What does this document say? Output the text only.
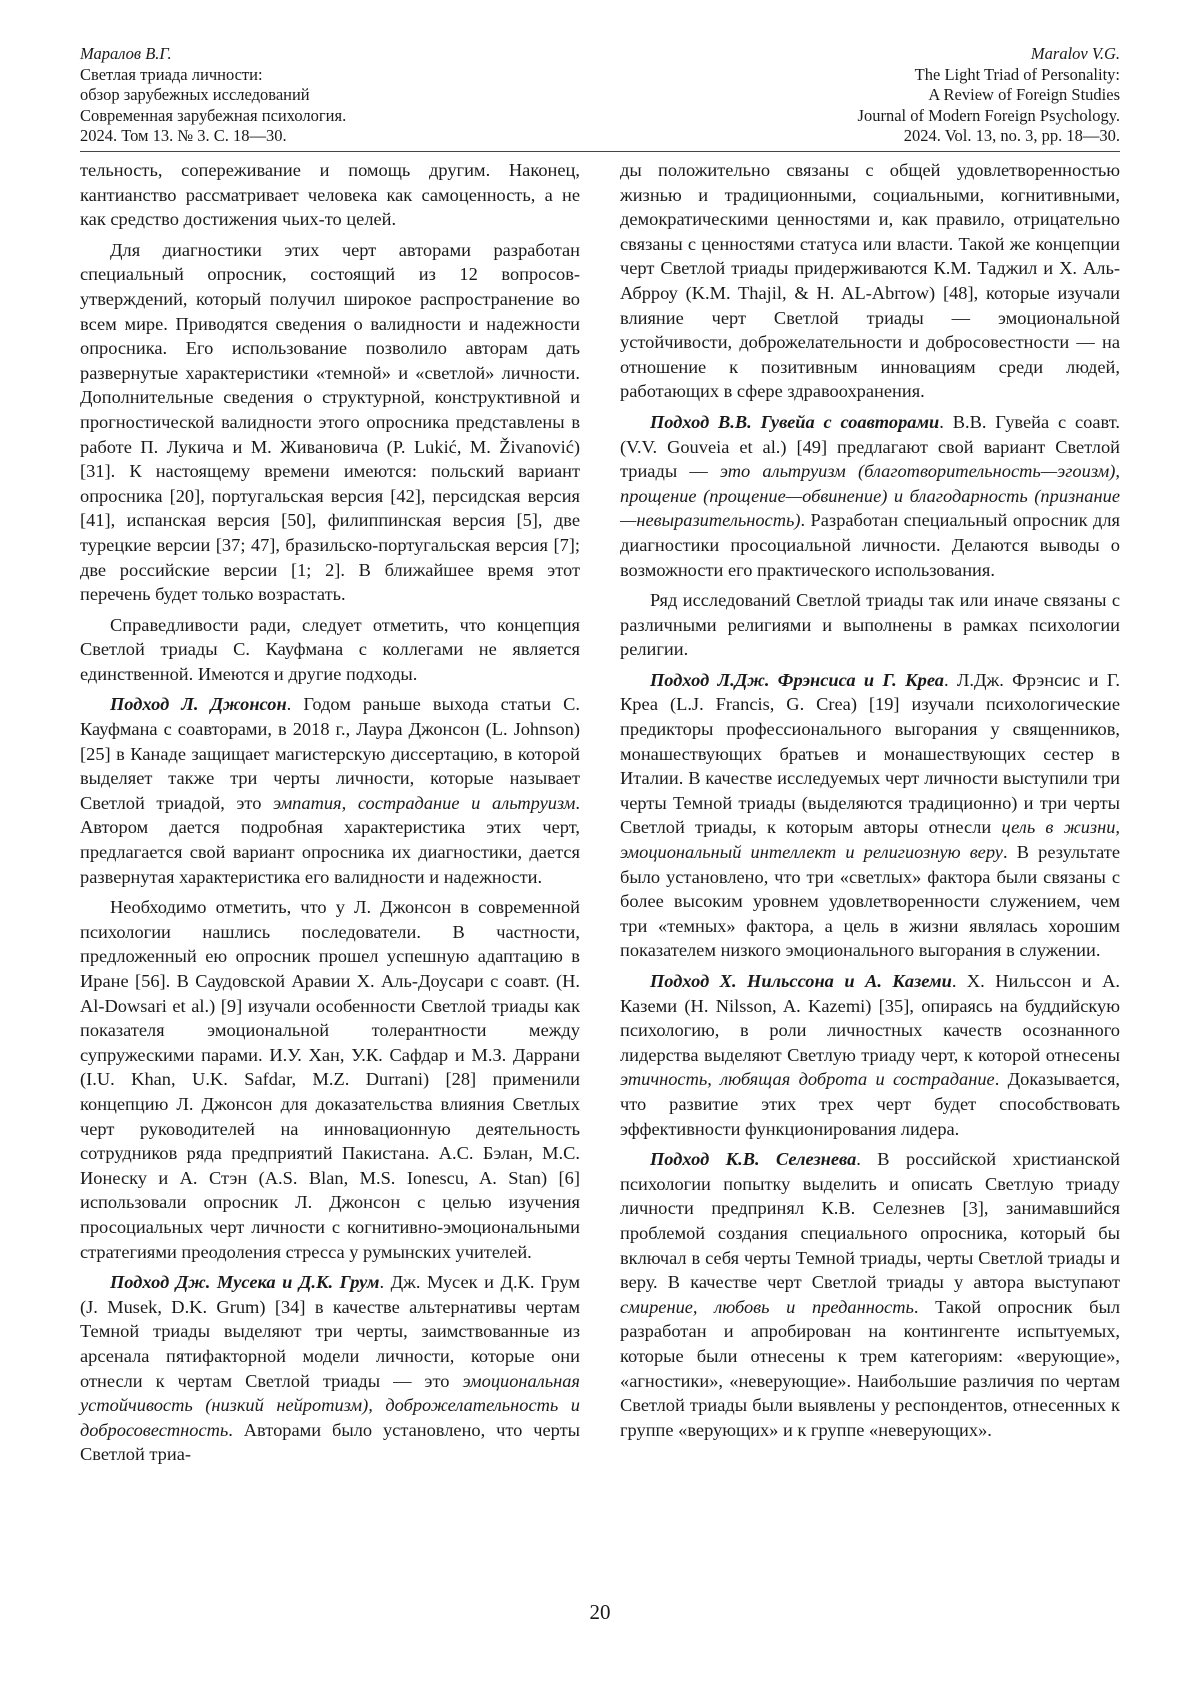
Маралов В.Г.
Светлая триада личности:
обзор зарубежных исследований
Современная зарубежная психология.
2024. Том 13. № 3. С. 18—30.
Maralov V.G.
The Light Triad of Personality:
A Review of Foreign Studies
Journal of Modern Foreign Psychology.
2024. Vol. 13, no. 3, pp. 18—30.

тельность, сопереживание и помощь другим. Наконец, кантианство рассматривает человека как самоценность, а не как средство достижения чьих-то целей.

Для диагностики этих черт авторами разработан специальный опросник, состоящий из 12 вопросов-утверждений, который получил широкое распространение во всем мире. Приводятся сведения о валидности и надежности опросника. Его использование позволило авторам дать развернутые характеристики «темной» и «светлой» личности. Дополнительные сведения о структурной, конструктивной и прогностической валидности этого опросника представлены в работе П. Лукича и М. Живановича (P. Lukić, M. Živanović) [31]. К настоящему времени имеются: польский вариант опросника [20], португальская версия [42], персидская версия [41], испанская версия [50], филиппинская версия [5], две турецкие версии [37; 47], бразильско-португальская версия [7]; две российские версии [1; 2]. В ближайшее время этот перечень будет только возрастать.

Справедливости ради, следует отметить, что концепция Светлой триады С. Кауфмана с коллегами не является единственной. Имеются и другие подходы.

Подход Л. Джонсон. Годом раньше выхода статьи С. Кауфмана с соавторами, в 2018 г., Лаура Джонсон (L. Johnson) [25] в Канаде защищает магистерскую диссертацию, в которой выделяет также три черты личности, которые называет Светлой триадой, это эмпатия, сострадание и альтруизм. Автором дается подробная характеристика этих черт, предлагается свой вариант опросника их диагностики, дается развернутая характеристика его валидности и надежности.

Необходимо отметить, что у Л. Джонсон в современной психологии нашлись последователи. В частности, предложенный ею опросник прошел успешную адаптацию в Иране [56]. В Саудовской Аравии Х. Аль-Доусари с соавт. (H. Al-Dowsari et al.) [9] изучали особенности Светлой триады как показателя эмоциональной толерантности между супружескими парами. И.У. Хан, У.К. Сафдар и М.З. Даррани (I.U. Khan, U.K. Safdar, M.Z. Durrani) [28] применили концепцию Л. Джонсон для доказательства влияния Светлых черт руководителей на инновационную деятельность сотрудников ряда предприятий Пакистана. А.С. Бэлан, М.С. Ионеску и А. Стэн (A.S. Blan, M.S. Ionescu, A. Stan) [6] использовали опросник Л. Джонсон с целью изучения просоциальных черт личности с когнитивно-эмоциональными стратегиями преодоления стресса у румынских учителей.

Подход Дж. Мусека и Д.К. Грум. Дж. Мусек и Д.К. Грум (J. Musek, D.K. Grum) [34] в качестве альтернативы чертам Темной триады выделяют три черты, заимствованные из арсенала пятифакторной модели личности, которые они отнесли к чертам Светлой триады — это эмоциональная устойчивость (низкий нейротизм), доброжелательность и добросовестность. Авторами было установлено, что черты Светлой триа-

ды положительно связаны с общей удовлетворенностью жизнью и традиционными, социальными, когнитивными, демократическими ценностями и, как правило, отрицательно связаны с ценностями статуса или власти. Такой же концепции черт Светлой триады придерживаются К.М. Таджил и Х. Аль-Абрроу (K.M. Thajil, & H. AL-Abrrow) [48], которые изучали влияние черт Светлой триады — эмоциональной устойчивости, доброжелательности и добросовестности — на отношение к позитивным инновациям среди людей, работающих в сфере здравоохранения.

Подход В.В. Гувейа с соавторами. В.В. Гувейа с соавт. (V.V. Gouveia et al.) [49] предлагают свой вариант Светлой триады — это альтруизм (благотворительность—эгоизм), прощение (прощение—обвинение) и благодарность (признание—невыразительность). Разработан специальный опросник для диагностики просоциальной личности. Делаются выводы о возможности его практического использования.

Ряд исследований Светлой триады так или иначе связаны с различными религиями и выполнены в рамках психологии религии.

Подход Л.Дж. Фрэнсиса и Г. Креа. Л.Дж. Фрэнсис и Г. Креа (L.J. Francis, G. Crea) [19] изучали психологические предикторы профессионального выгорания у священников, монашествующих братьев и монашествующих сестер в Италии. В качестве исследуемых черт личности выступили три черты Темной триады (выделяются традиционно) и три черты Светлой триады, к которым авторы отнесли цель в жизни, эмоциональный интеллект и религиозную веру. В результате было установлено, что три «светлых» фактора были связаны с более высоким уровнем удовлетворенности служением, чем три «темных» фактора, а цель в жизни являлась хорошим показателем низкого эмоционального выгорания в служении.

Подход Х. Нильссона и А. Каземи. Х. Нильссон и А. Каземи (H. Nilsson, A. Kazemi) [35], опираясь на буддийскую психологию, в роли личностных качеств осознанного лидерства выделяют Светлую триаду черт, к которой отнесены этичность, любящая доброта и сострадание. Доказывается, что развитие этих трех черт будет способствовать эффективности функционирования лидера.

Подход К.В. Селезнева. В российской христианской психологии попытку выделить и описать Светлую триаду личности предпринял К.В. Селезнев [3], занимавшийся проблемой создания специального опросника, который бы включал в себя черты Темной триады, черты Светлой триады и веру. В качестве черт Светлой триады у автора выступают смирение, любовь и преданность. Такой опросник был разработан и апробирован на контингенте испытуемых, которые были отнесены к трем категориям: «верующие», «агностики», «неверующие». Наибольшие различия по чертам Светлой триады были выявлены у респондентов, отнесенных к группе «верующих» и к группе «неверующих».

20
